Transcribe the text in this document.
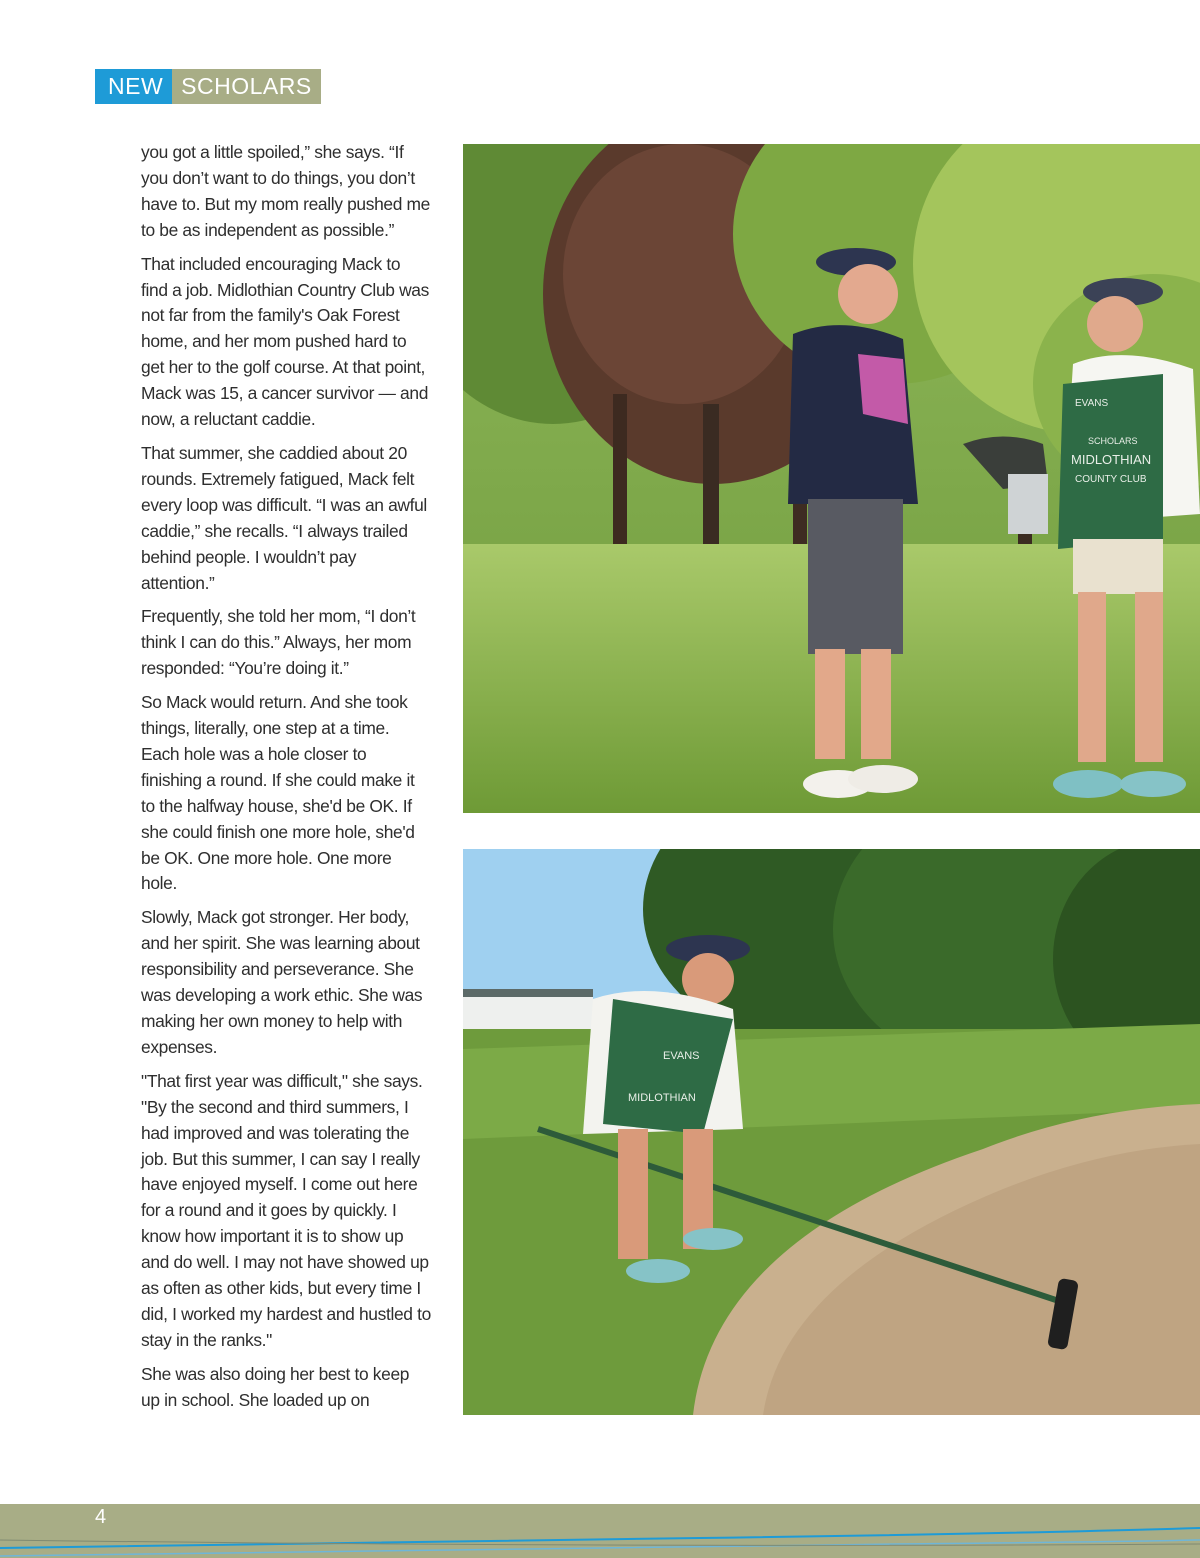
NEW SCHOLARS

you got a little spoiled,” she says. “If you don’t want to do things, you don’t have to. But my mom really pushed me to be as independent as possible.”

That included encouraging Mack to find a job. Midlothian Country Club was not far from the family's Oak Forest home, and her mom pushed hard to get her to the golf course. At that point, Mack was 15, a cancer survivor — and now, a reluctant caddie.

That summer, she caddied about 20 rounds. Extremely fatigued, Mack felt every loop was difficult. “I was an awful caddie,” she recalls. “I always trailed behind people. I wouldn’t pay attention.”

Frequently, she told her mom, “I don’t think I can do this.” Always, her mom responded: “You’re doing it.”

So Mack would return. And she took things, literally, one step at a time. Each hole was a hole closer to finishing a round. If she could make it to the halfway house, she'd be OK. If she could finish one more hole, she'd be OK. One more hole. One more hole.

Slowly, Mack got stronger. Her body, and her spirit. She was learning about responsibility and perseverance. She was developing a work ethic. She was making her own money to help with expenses.

"That first year was difficult," she says. "By the second and third summers, I had improved and was tolerating the job. But this summer, I can say I really have enjoyed myself. I come out here for a round and it goes by quickly. I know how important it is to show up and do well. I may not have showed up as often as other kids, but every time I did, I worked my hardest and hustled to stay in the ranks."

She was also doing her best to keep up in school. She loaded up on

MIDLOTHIAN
COUNTY CLUB
EVANS
SCHOLARS
EVANS
MIDLOTHIAN
4
